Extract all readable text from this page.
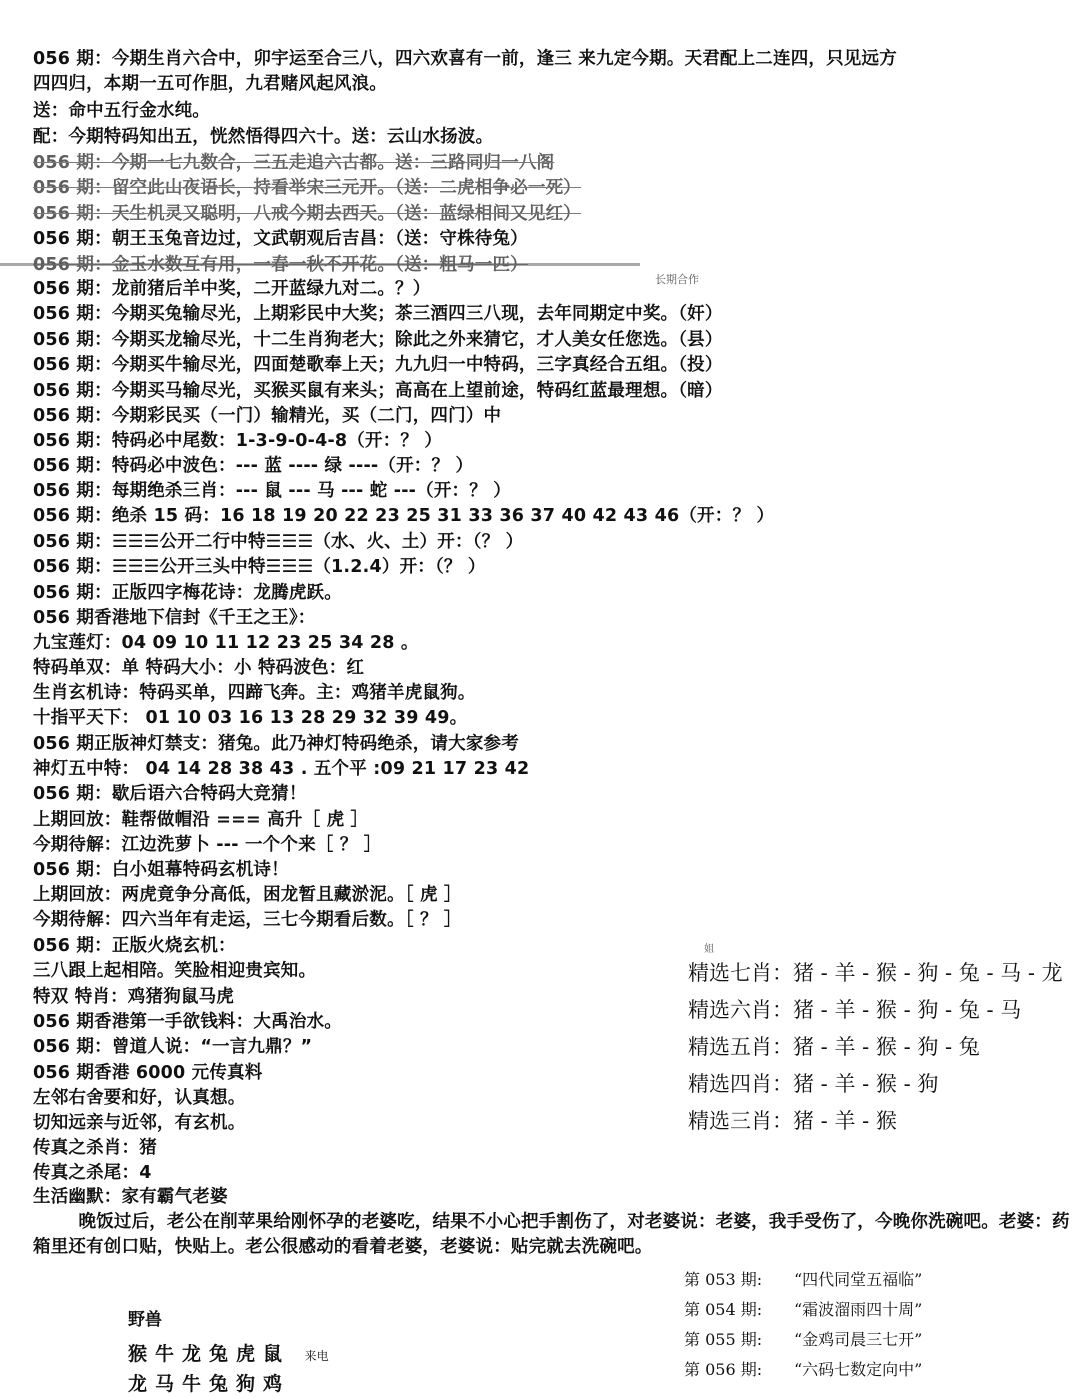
056 期：今期生肖六合中，卯宇运至合三八，四六欢喜有一前，逢三 来九定今期。天君配上二连四，只见远方
四四归，本期一五可作胆，九君赌风起风浪。
送：命中五行金水纯。
配：今期特码知出五，恍然悟得四六十。送：云山水扬波。
056 期：今期一七九数合，三五走追六古都。送：三路同归一八阁
056 期：留空此山夜语长，持看举宋三元开。（送：二虎相争必一死）
056 期：天生机灵又聪明，八戒今期去西天。（送：蓝绿相间又见红）
056 期：朝王玉兔音边过，文武朝观后吉昌：（送：守株待兔）
长期合作
056 期：龙前猪后羊中奖，二开蓝绿九对二。？）
056 期：今期买兔输尽光，上期彩民中大奖；茶三酒四三八现，去年同期定中奖。（奸）
056 期：今期买龙输尽光，十二生肖狗老大；除此之外来猜它，才人美女任您选。（县）
056 期：今期买牛输尽光，四面楚歌奉上天；九九归一中特码，三字真经合五组。（投）
056 期：今期买马输尽光，买猴买鼠有来头；高高在上望前途，特码红蓝最理想。（暗）
056 期：今期彩民买（一门）输精光，买（二门，四门）中
056 期：特码必中尾数：1-3-9-0-4-8（开：？ ）
056 期：特码必中波色：--- 蓝 ---- 绿 ----（开：？ ）
056 期：每期绝杀三肖：--- 鼠 --- 马 --- 蛇 ---（开：？ ）
056 期：绝杀 15 码：16 18 19 20 22 23 25 31 33 36 37 40 42 43 46（开：？ ）
056 期：☰☰☰公开二行中特☰☰☰（水、火、土）开：（？ ）
056 期：☰☰☰公开三头中特☰☰☰（1.2.4）开：（？ ）
056 期：正版四字梅花诗：龙腾虎跃。
056 期香港地下信封《千王之王》：
九宝莲灯：04 09 10 11 12 23 25 34 28 。
特码单双：单 特码大小：小 特码波色：红
生肖玄机诗：特码买单，四蹄飞奔。主：鸡猪羊虎鼠狗。
十指平天下： 01 10 03 16 13 28 29 32 39 49。
056 期正版神灯禁支：猪兔。此乃神灯特码绝杀，请大家参考
神灯五中特： 04 14 28 38 43 . 五个平 :09 21 17 23 42
056 期：歇后语六合特码大竞猜！
上期回放：鞋帮做帽沿 === 高升［ 虎 ］
今期待解：江边洗萝卜 --- 一个个来［ ？ ］
056 期：白小姐幕特码玄机诗！
上期回放：两虎竟争分高低，困龙暂且藏淤泥。［ 虎 ］
今期待解：四六当年有走运，三七今期看后数。［ ？ ］
056 期：正版火烧玄机：	姐
三八跟上起相陪。笑脸相迎贵宾知。
特双 特肖：鸡猪狗鼠马虎
056 期香港第一手欲钱料：大禹治水。
056 期：曾道人说：“一言九鼎？”
056 期香港 6000 元传真料
左邻右舍要和好，认真想。
切知远亲与近邻，有玄机。
传真之杀肖：猪
传真之杀尾：4
生活幽默：家有霸气老婆
晚饭过后，老公在削苹果给刚怀孕的老婆吃，结果不小心把手割伤了，对老婆说：老婆，我手受伤了，今晚你洗碗吧。老婆：药箱里还有创口贴，快贴上。老公很感动的看着老婆，老婆说：贴完就去洗碗吧。
精选七肖：猪 - 羊 - 猴 - 狗 - 兔 - 马 - 龙
精选六肖：猪 - 羊 - 猴 - 狗 - 兔 - 马
精选五肖：猪 - 羊 - 猴 - 狗 - 兔
精选四肖：猪 - 羊 - 猴 - 狗
精选三肖：猪 - 羊 - 猴
野兽
猴牛龙兔虎鼠 来电
龙马牛兔狗鸡
第 053 期: “四代同堂五福临”
第 054 期: “霜波溜雨四十周”
第 055 期: “金鸡司晨三七开”
第 056 期: “六码七数定向中”
